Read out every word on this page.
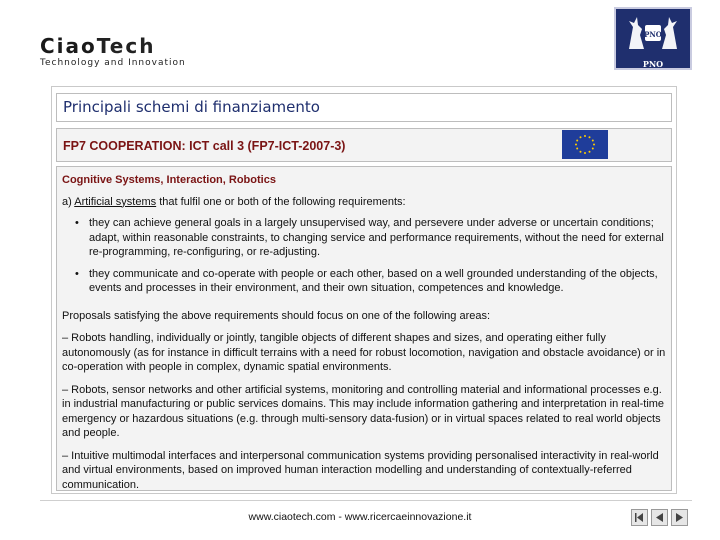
CiaoTech
Technology and Innovation
PNO
PNO Consultants
Principali schemi di finanziamento
FP7 COOPERATION: ICT call 3 (FP7-ICT-2007-3)
Cognitive Systems, Interaction, Robotics

a) Artificial systems that fulfil one or both of the following requirements:

• they can achieve general goals in a largely unsupervised way, and persevere under adverse or uncertain conditions; adapt, within reasonable constraints, to changing service and performance requirements, without the need for external re-programming, re-configuring, or re-adjusting.
• they communicate and co-operate with people or each other, based on a well grounded understanding of the objects, events and processes in their environment, and their own situation, competences and knowledge.

Proposals satisfying the above requirements should focus on one of the following areas:

– Robots handling, individually or jointly, tangible objects of different shapes and sizes, and operating either fully autonomously (as for instance in difficult terrains with a need for robust locomotion, navigation and obstacle avoidance) or in co-operation with people in complex, dynamic spatial environments.

– Robots, sensor networks and other artificial systems, monitoring and controlling material and informational processes e.g. in industrial manufacturing or public services domains. This may include information gathering and interpretation in real-time emergency or hazardous situations (e.g. through multi-sensory data-fusion) or in virtual spaces related to real world objects and people.

– Intuitive multimodal interfaces and interpersonal communication systems providing personalised interactivity in real-world and virtual environments, based on improved human interaction modelling and understanding of contextually-referred communication.

www.ciaotech.com - www.ricercaeinnovazione.it
